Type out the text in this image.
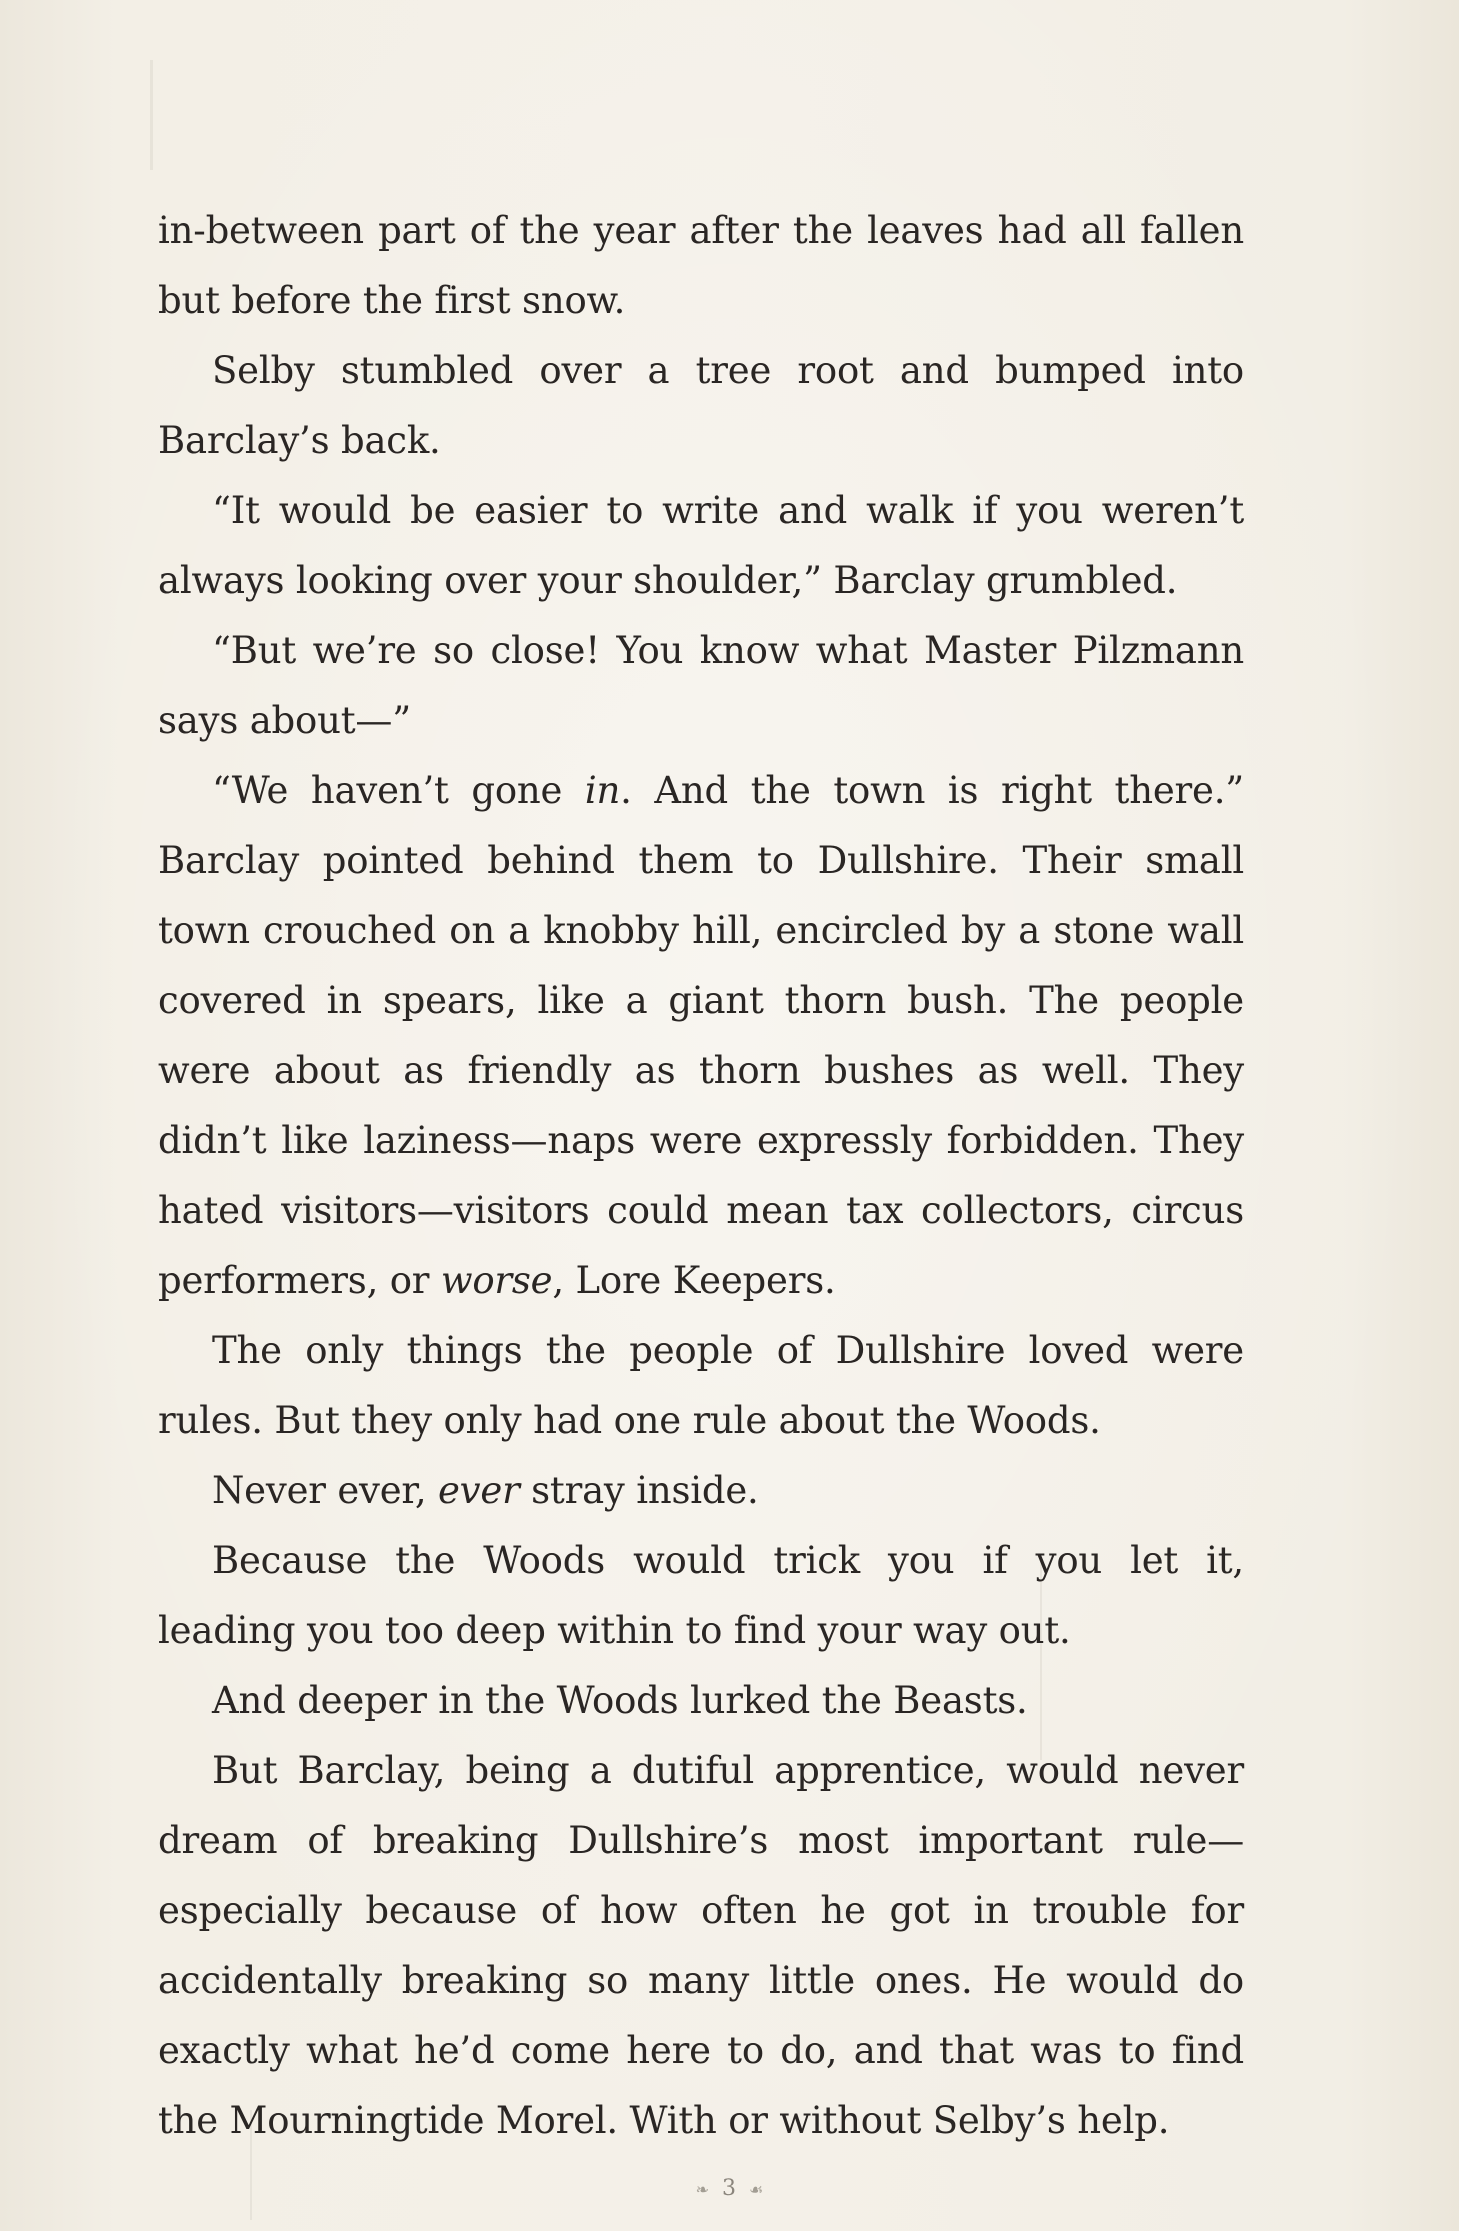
in-between part of the year after the leaves had all fallen but before the first snow.

Selby stumbled over a tree root and bumped into Barclay’s back.

“It would be easier to write and walk if you weren’t always looking over your shoulder,” Barclay grumbled.

“But we’re so close! You know what Master Pilzmann says about—”

“We haven’t gone in. And the town is right there.” Barclay pointed behind them to Dullshire. Their small town crouched on a knobby hill, encircled by a stone wall covered in spears, like a giant thorn bush. The people were about as friendly as thorn bushes as well. They didn’t like laziness—naps were expressly forbidden. They hated visitors—visitors could mean tax collectors, circus performers, or worse, Lore Keepers.

The only things the people of Dullshire loved were rules. But they only had one rule about the Woods.

Never ever, ever stray inside.

Because the Woods would trick you if you let it, leading you too deep within to find your way out.

And deeper in the Woods lurked the Beasts.

But Barclay, being a dutiful apprentice, would never dream of breaking Dullshire’s most important rule—especially because of how often he got in trouble for accidentally breaking so many little ones. He would do exactly what he’d come here to do, and that was to find the Mourningtide Morel. With or without Selby’s help.

❧ 3 ☙
